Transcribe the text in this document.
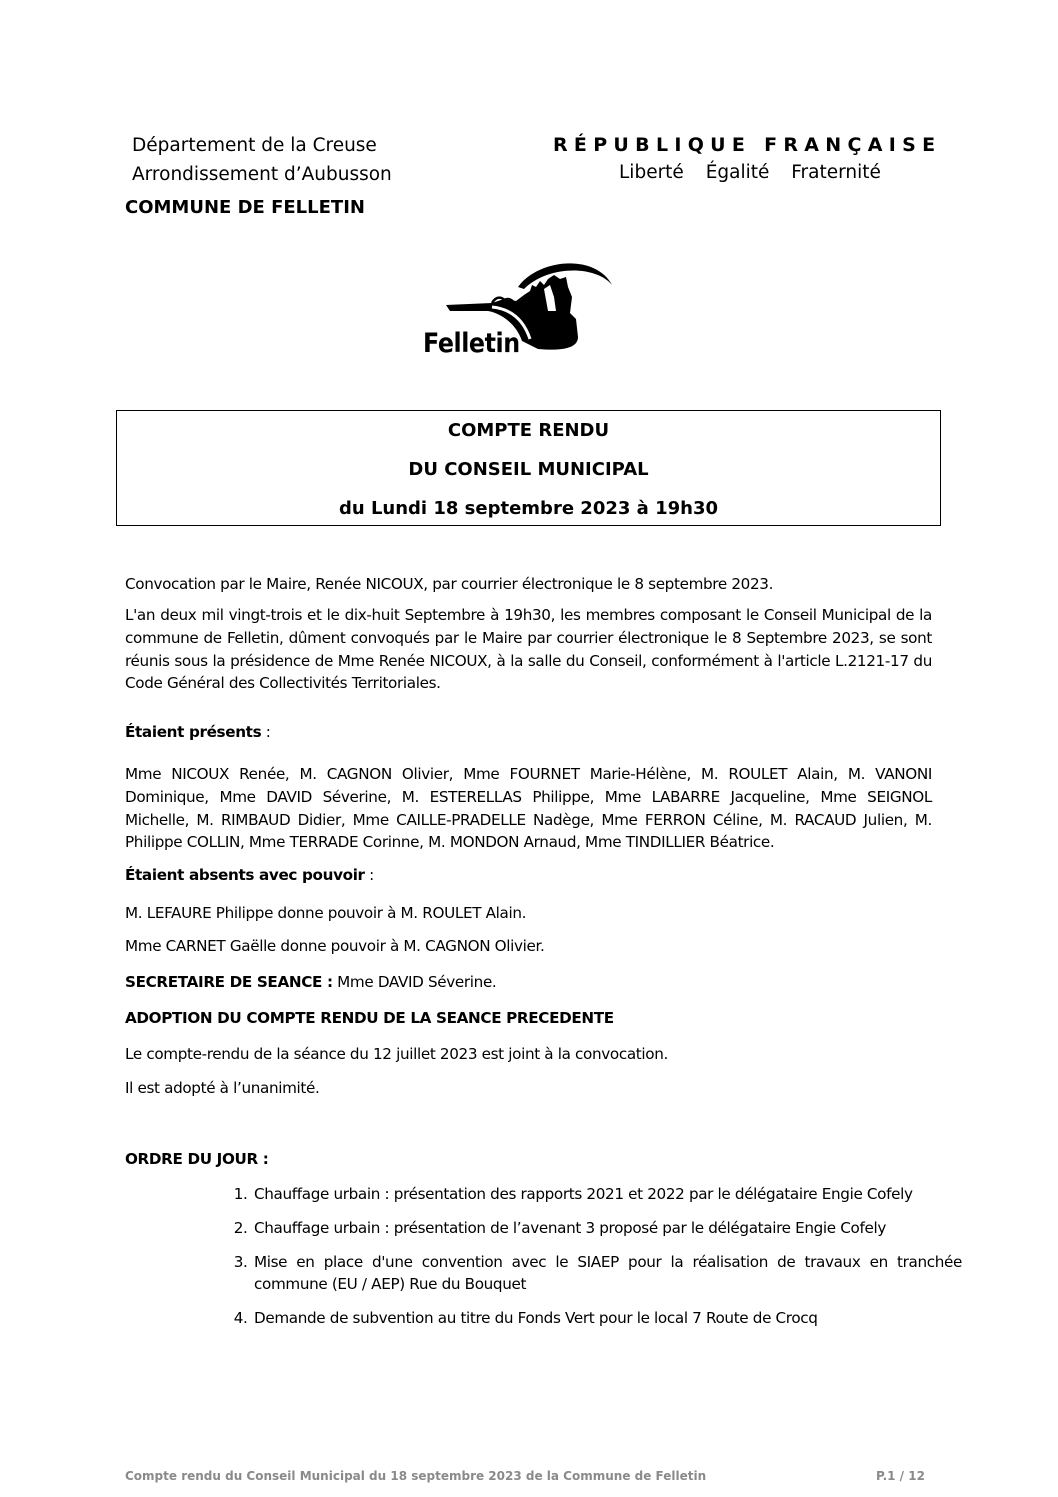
Département de la Creuse
Arrondissement d’Aubusson
COMMUNE DE FELLETIN
RÉPUBLIQUE FRANÇAISE
Liberté Égalité Fraternité
Felletin
COMPTE RENDU
DU CONSEIL MUNICIPAL
du Lundi 18 septembre 2023 à 19h30
Convocation par le Maire, Renée NICOUX, par courrier électronique le 8 septembre 2023.
L'an deux mil vingt-trois et le dix-huit Septembre à 19h30, les membres composant le Conseil Municipal de la commune de Felletin, dûment convoqués par le Maire par courrier électronique le 8 Septembre 2023, se sont réunis sous la présidence de Mme Renée NICOUX, à la salle du Conseil, conformément à l'article L.2121-17 du Code Général des Collectivités Territoriales.
Étaient présents :
Mme NICOUX Renée, M. CAGNON Olivier, Mme FOURNET Marie-Hélène, M. ROULET Alain, M. VANONI Dominique, Mme DAVID Séverine, M. ESTERELLAS Philippe, Mme LABARRE Jacqueline, Mme SEIGNOL Michelle, M. RIMBAUD Didier, Mme CAILLE-PRADELLE Nadège, Mme FERRON Céline, M. RACAUD Julien, M. Philippe COLLIN, Mme TERRADE Corinne, M. MONDON Arnaud, Mme TINDILLIER Béatrice.
Étaient absents avec pouvoir :
M. LEFAURE Philippe donne pouvoir à M. ROULET Alain.
Mme CARNET Gaëlle donne pouvoir à M. CAGNON Olivier.
SECRETAIRE DE SEANCE : Mme DAVID Séverine.
ADOPTION DU COMPTE RENDU DE LA SEANCE PRECEDENTE
Le compte-rendu de la séance du 12 juillet 2023 est joint à la convocation.
Il est adopté à l’unanimité.
ORDRE DU JOUR :
1. Chauffage urbain : présentation des rapports 2021 et 2022 par le délégataire Engie Cofely
2. Chauffage urbain : présentation de l’avenant 3 proposé par le délégataire Engie Cofely
3. Mise en place d'une convention avec le SIAEP pour la réalisation de travaux en tranchée commune (EU / AEP) Rue du Bouquet
4. Demande de subvention au titre du Fonds Vert pour le local 7 Route de Crocq
Compte rendu du Conseil Municipal du 18 septembre 2023 de la Commune de Felletin	P.1 / 12
